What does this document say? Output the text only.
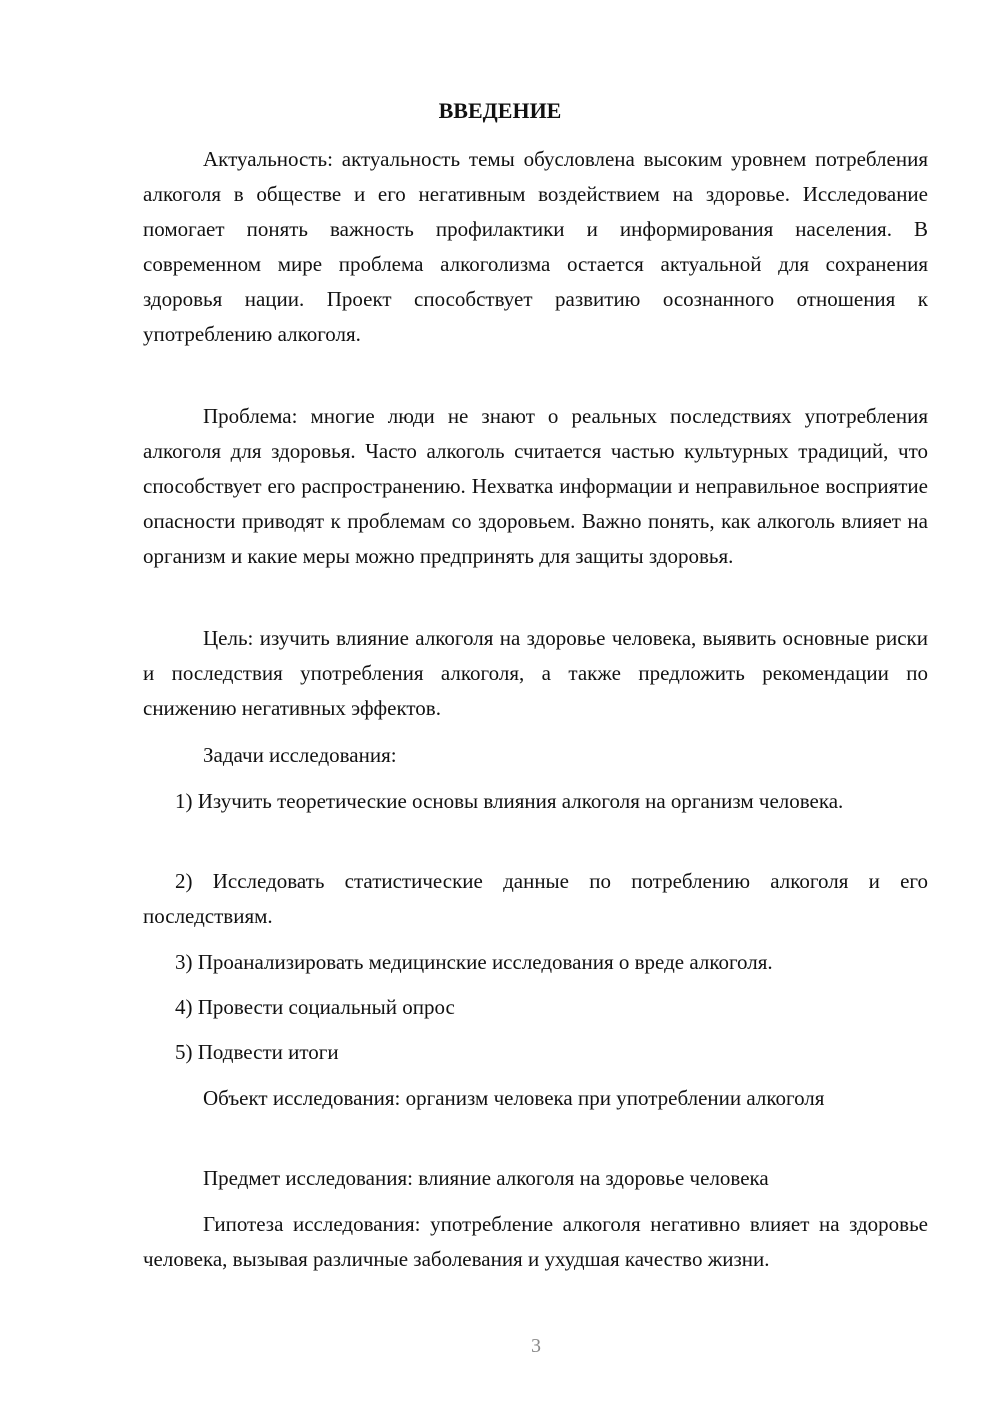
ВВЕДЕНИЕ

Актуальность: актуальность темы обусловлена высоким уровнем потребления алкоголя в обществе и его негативным воздействием на здоровье. Исследование помогает понять важность профилактики и информирования населения. В современном мире проблема алкоголизма остается актуальной для сохранения здоровья нации. Проект способствует развитию осознанного отношения к употреблению алкоголя.

Проблема: многие люди не знают о реальных последствиях употребления алкоголя для здоровья. Часто алкоголь считается частью культурных традиций, что способствует его распространению. Нехватка информации и неправильное восприятие опасности приводят к проблемам со здоровьем. Важно понять, как алкоголь влияет на организм и какие меры можно предпринять для защиты здоровья.

Цель: изучить влияние алкоголя на здоровье человека, выявить основные риски и последствия употребления алкоголя, а также предложить рекомендации по снижению негативных эффектов.

Задачи исследования:

1) Изучить теоретические основы влияния алкоголя на организм человека.

2) Исследовать статистические данные по потреблению алкоголя и его последствиям.

3) Проанализировать медицинские исследования о вреде алкоголя.

4) Провести социальный опрос

5) Подвести итоги

Объект исследования: организм человека при употреблении алкоголя

Предмет исследования: влияние алкоголя на здоровье человека

Гипотеза исследования: употребление алкоголя негативно влияет на здоровье человека, вызывая различные заболевания и ухудшая качество жизни.

3
